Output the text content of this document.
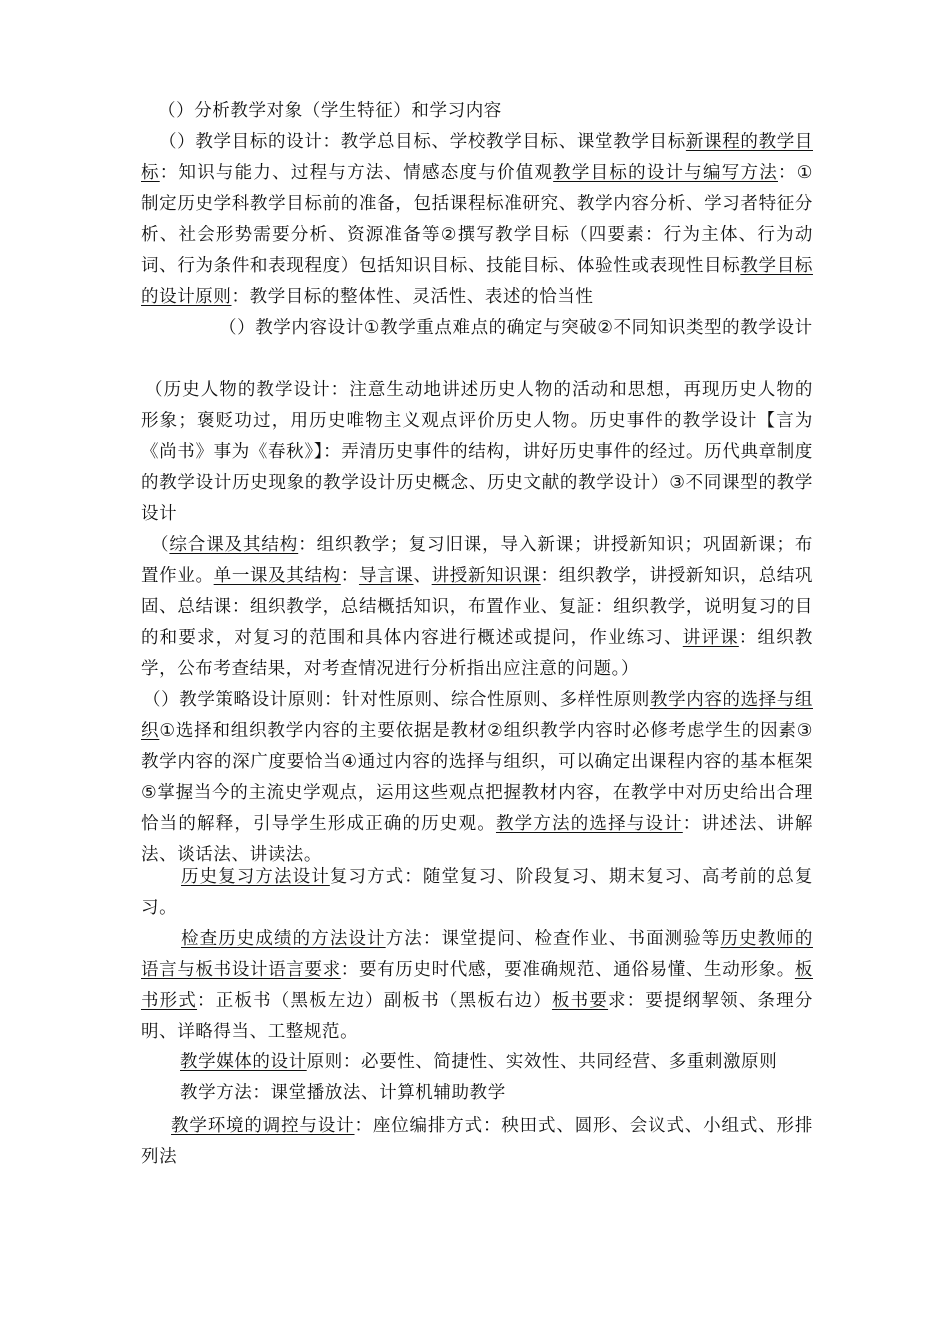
（）分析教学对象（学生特征）和学习内容

（）教学目标的设计：教学总目标、学校教学目标、课堂教学目标新课程的教学目标：知识与能力、过程与方法、情感态度与价值观教学目标的设计与编写方法：① 制定历史学科教学目标前的准备，包括课程标准研究、教学内容分析、学习者特征分析、社会形势需要分析、资源准备等②撰写教学目标（四要素：行为主体、行为动词、行为条件和表现程度）包括知识目标、技能目标、体验性或表现性目标教学目标的设计原则：教学目标的整体性、灵活性、表述的恰当性

（）教学内容设计①教学重点难点的确定与突破②不同知识类型的教学设计

（历史人物的教学设计：注意生动地讲述历史人物的活动和思想，再现历史人物的形象；褒贬功过，用历史唯物主义观点评价历史人物。历史事件的教学设计【言为《尚书》事为《春秋》】：弄清历史事件的结构，讲好历史事件的经过。历代典章制度的教学设计历史现象的教学设计历史概念、历史文献的教学设计）③不同课型的教学设计

（综合课及其结构：组织教学；复习旧课，导入新课；讲授新知识；巩固新课；布置作业。单一课及其结构：导言课、讲授新知识课：组织教学，讲授新知识，总结巩固、总结课：组织教学，总结概括知识，布置作业、复証：组织教学，说明复习的目的和要求，对复习的范围和具体内容进行概述或提问，作业练习、讲评课：组织教学，公布考查结果，对考查情况进行分析指出应注意的问题。）

（）教学策略设计原则：针对性原则、综合性原则、多样性原则教学内容的选择与组织①选择和组织教学内容的主要依据是教材②组织教学内容时必修考虑学生的因素③教学内容的深广度要恰当④通过内容的选择与组织，可以确定出课程内容的基本框架⑤掌握当今的主流史学观点，运用这些观点把握教材内容，在教学中对历史给出合理恰当的解释，引导学生形成正确的历史观。教学方法的选择与设计：讲述法、讲解法、谈话法、讲读法。

历史复习方法设计复习方式：随堂复习、阶段复习、期末复习、高考前的总复习。

检查历史成绩的方法设计方法：课堂提问、检查作业、书面测验等历史教师的语言与板书设计语言要求：要有历史时代感，要准确规范、通俗易懂、生动形象。板书形式：正板书（黑板左边）副板书（黑板右边）板书要求：要提纲挈领、条理分明、详略得当、工整规范。

教学媒体的设计原则：必要性、简捷性、实效性、共同经营、多重刺激原则

教学方法：课堂播放法、计算机辅助教学

教学环境的调控与设计：座位编排方式：秧田式、圆形、会议式、小组式、形排列法
